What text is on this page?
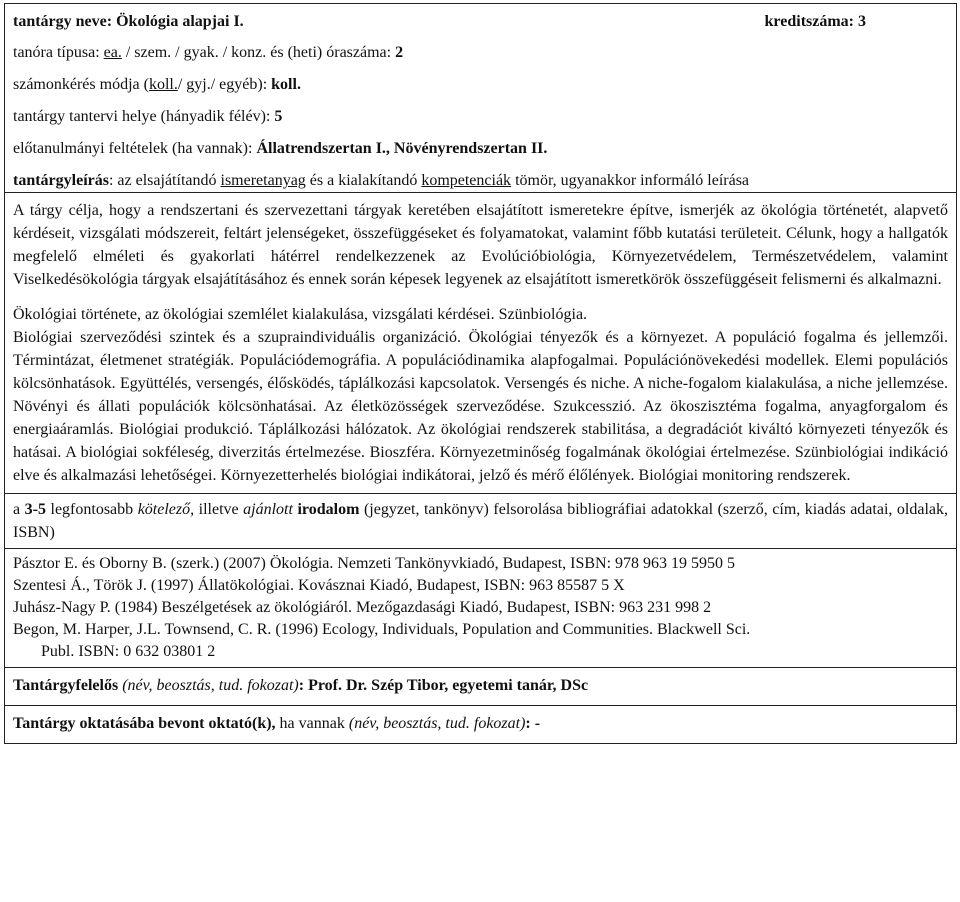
tantárgy neve: Ökológia alapjai I.	kreditszáma: 3
tanóra típusa: ea. / szem. / gyak. / konz. és (heti) óraszáma: 2
számonkérés módja (koll./ gyj./ egyéb): koll.
tantárgy tantervi helye (hányadik félév): 5
előtanulmányi feltételek (ha vannak): Állatrendszertan I., Növényrendszertan II.
tantárgyleírás: az elsajátítandó ismeretanyag és a kialakítandó kompetenciák tömör, ugyanakkor informáló leírása

A tárgy célja, hogy a rendszertani és szervezettani tárgyak keretében elsajátított ismeretekre építve, ismerjék az ökológia történetét, alapvető kérdéseit, vizsgálati módszereit, feltárt jelenségeket, összefüggéseket és folyamatokat, valamint főbb kutatási területeit. Célunk, hogy a hallgatók megfelelő elméleti és gyakorlati hátérrel rendelkezzenek az Evolúcióbiológia, Környezetvédelem, Természetvédelem, valamint Viselkedésökológia tárgyak elsajátításához és ennek során képesek legyenek az elsajátított ismeretkörök összefüggéseit felismerni és alkalmazni.
Ökológiai története, az ökológiai szemlélet kialakulása, vizsgálati kérdései. Szünbiológia.
Biológiai szerveződési szintek és a szupraindividuális organizáció. Ökológiai tényezők és a környezet. A populáció fogalma és jellemzői. Términtázat, életmenet stratégiák. Populációdemográfia. A populációdinamika alapfogalmai. Populációnövekedési modellek. Elemi populációs kölcsönhatások. Együttélés, versengés, élősködés, táplálkozási kapcsolatok. Versengés és niche. A niche-fogalom kialakulása, a niche jellemzése. Növényi és állati populációk kölcsönhatásai. Az életközösségek szerveződése. Szukcesszió. Az ökoszisztéma fogalma, anyagforgalom és energiaáramlás. Biológiai produkció. Táplálkozási hálózatok. Az ökológiai rendszerek stabilitása, a degradációt kiváltó környezeti tényezők és hatásai. A biológiai sokféleség, diverzitás értelmezése. Bioszféra. Környezetminőség fogalmának ökológiai értelmezése. Szünbiológiai indikáció elve és alkalmazási lehetőségei. Környezetterhelés biológiai indikátorai, jelző és mérő élőlények. Biológiai monitoring rendszerek.

a 3-5 legfontosabb kötelező, illetve ajánlott irodalom (jegyzet, tankönyv) felsorolása bibliográfiai adatokkal (szerző, cím, kiadás adatai, oldalak, ISBN)

Pásztor E. és Oborny B. (szerk.) (2007) Ökológia. Nemzeti Tankönyvkiadó, Budapest, ISBN: 978 963 19 5950 5
Szentesi Á., Török J. (1997) Állatökológiai. Kovásznai Kiadó, Budapest, ISBN: 963 85587 5 X
Juhász-Nagy P. (1984) Beszélgetések az ökológiáról. Mezőgazdasági Kiadó, Budapest, ISBN: 963 231 998 2
Begon, M. Harper, J.L. Townsend, C. R. (1996) Ecology, Individuals, Population and Communities. Blackwell Sci.
Publ. ISBN: 0 632 03801 2

Tantárgyfelelős (név, beosztás, tud. fokozat): Prof. Dr. Szép Tibor, egyetemi tanár, DSc

Tantárgy oktatásába bevont oktató(k), ha vannak (név, beosztás, tud. fokozat): -
